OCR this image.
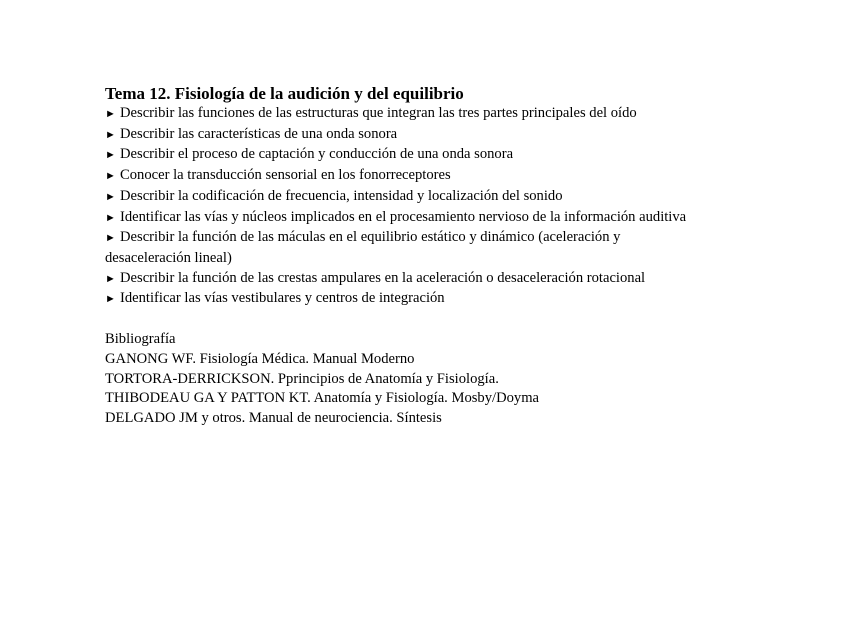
Tema 12. Fisiología de la audición y del equilibrio
► Describir las funciones de las estructuras que integran las tres partes principales del oído
► Describir las características de una onda sonora
► Describir el proceso de captación y conducción de una onda sonora
► Conocer la transducción sensorial en los fonorreceptores
► Describir la codificación de frecuencia, intensidad y localización del sonido
► Identificar las vías y núcleos implicados en el procesamiento nervioso de la información auditiva
► Describir la función de las máculas en el equilibrio estático y dinámico (aceleración y desaceleración lineal)
► Describir la función de las crestas ampulares en la aceleración o desaceleración rotacional
► Identificar las vías vestibulares y centros de integración
Bibliografía
GANONG WF. Fisiología Médica. Manual Moderno
TORTORA-DERRICKSON. Pprincipios de Anatomía y Fisiología.
THIBODEAU GA Y PATTON KT. Anatomía y Fisiología. Mosby/Doyma
DELGADO JM y otros. Manual de neurociencia. Síntesis
